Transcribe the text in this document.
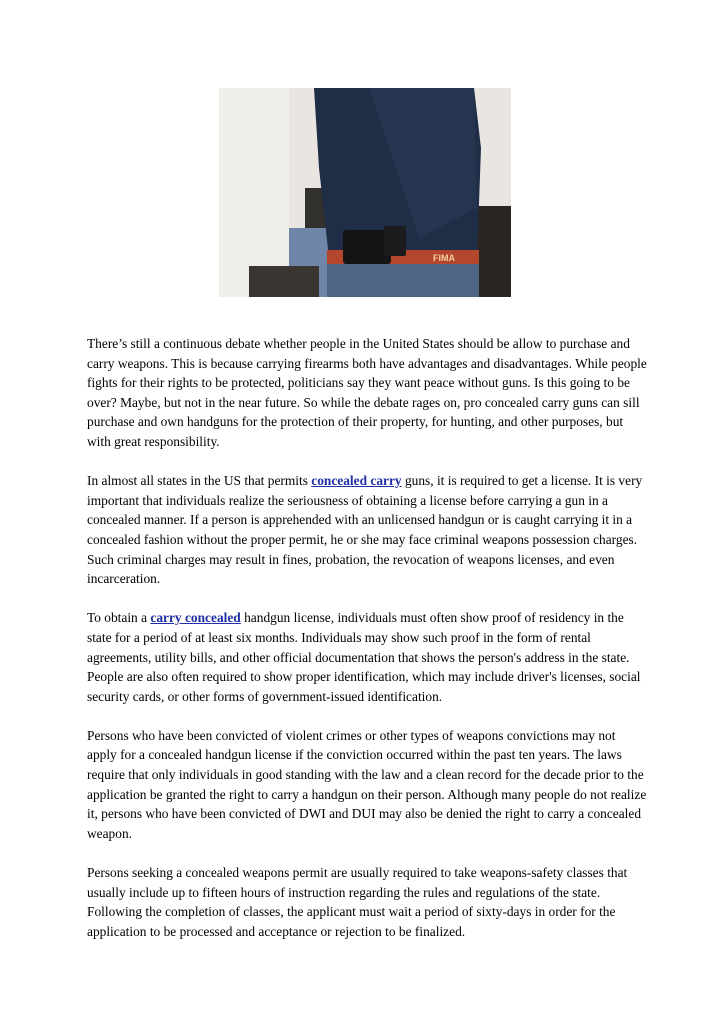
FIMA

There’s still a continuous debate whether people in the United States should be allow to purchase and carry weapons. This is because carrying firearms both have advantages and disadvantages. While people fights for their rights to be protected, politicians say they want peace without guns. Is this going to be over? Maybe, but not in the near future. So while the debate rages on, pro concealed carry guns can sill purchase and own handguns for the protection of their property, for hunting, and other purposes, but with great responsibility.

In almost all states in the US that permits concealed carry guns, it is required to get a license. It is very important that individuals realize the seriousness of obtaining a license before carrying a gun in a concealed manner. If a person is apprehended with an unlicensed handgun or is caught carrying it in a concealed fashion without the proper permit, he or she may face criminal weapons possession charges. Such criminal charges may result in fines, probation, the revocation of weapons licenses, and even incarceration.

To obtain a carry concealed handgun license, individuals must often show proof of residency in the state for a period of at least six months. Individuals may show such proof in the form of rental agreements, utility bills, and other official documentation that shows the person's address in the state. People are also often required to show proper identification, which may include driver's licenses, social security cards, or other forms of government-issued identification.

Persons who have been convicted of violent crimes or other types of weapons convictions may not apply for a concealed handgun license if the conviction occurred within the past ten years. The laws require that only individuals in good standing with the law and a clean record for the decade prior to the application be granted the right to carry a handgun on their person. Although many people do not realize it, persons who have been convicted of DWI and DUI may also be denied the right to carry a concealed weapon.

Persons seeking a concealed weapons permit are usually required to take weapons-safety classes that usually include up to fifteen hours of instruction regarding the rules and regulations of the state. Following the completion of classes, the applicant must wait a period of sixty-days in order for the application to be processed and acceptance or rejection to be finalized.
